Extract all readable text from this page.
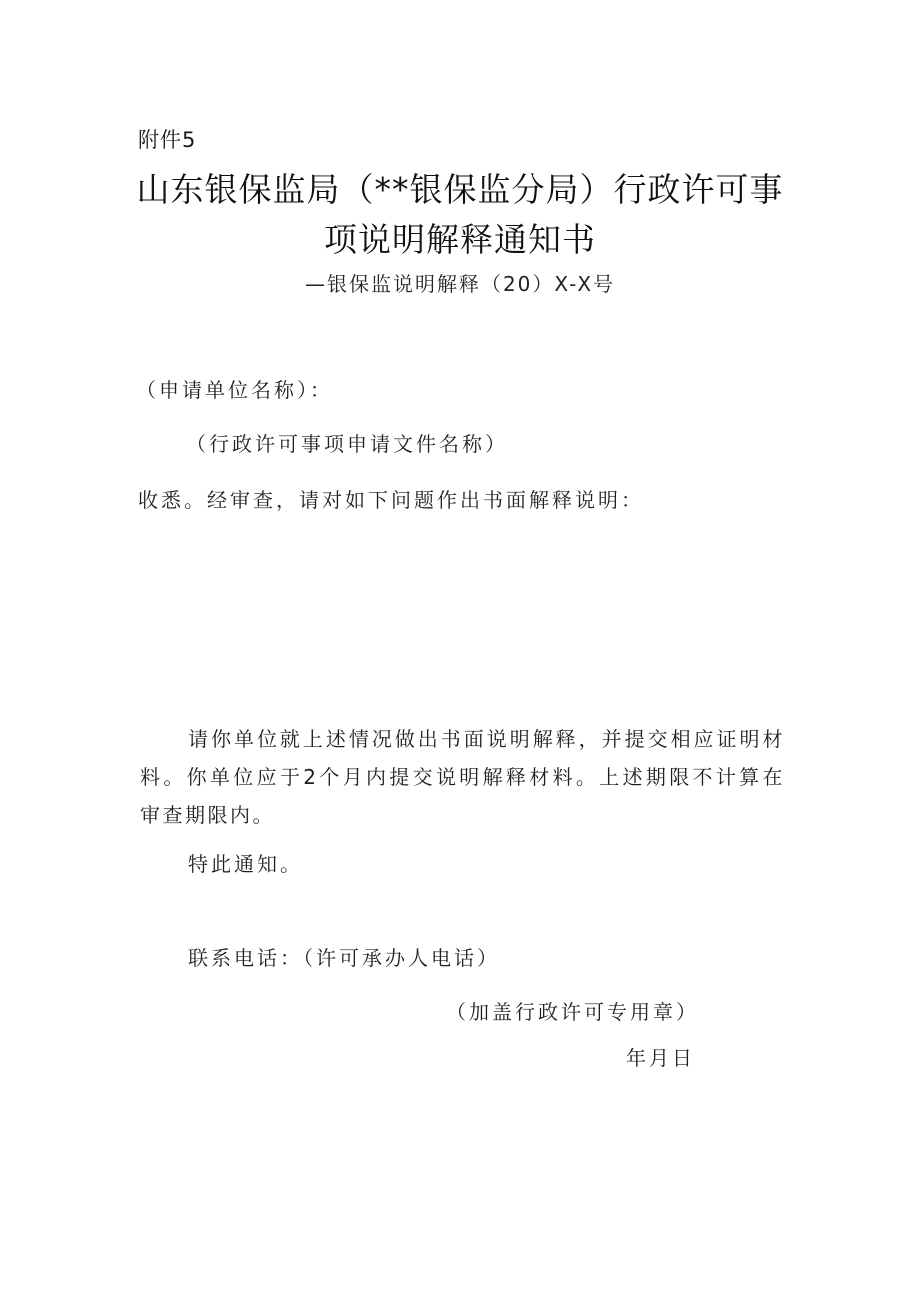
附件5
山东银保监局（**银保监分局）行政许可事
项说明解释通知书
—银保监说明解释（20）X-X号
（申请单位名称）：
（行政许可事项申请文件名称）
收悉。经审查，请对如下问题作出书面解释说明：

请你单位就上述情况做出书面说明解释，并提交相应证明材料。你单位应于2个月内提交说明解释材料。上述期限不计算在审查期限内。

特此通知。
联系电话：（许可承办人电话）
（加盖行政许可专用章）
年月日
